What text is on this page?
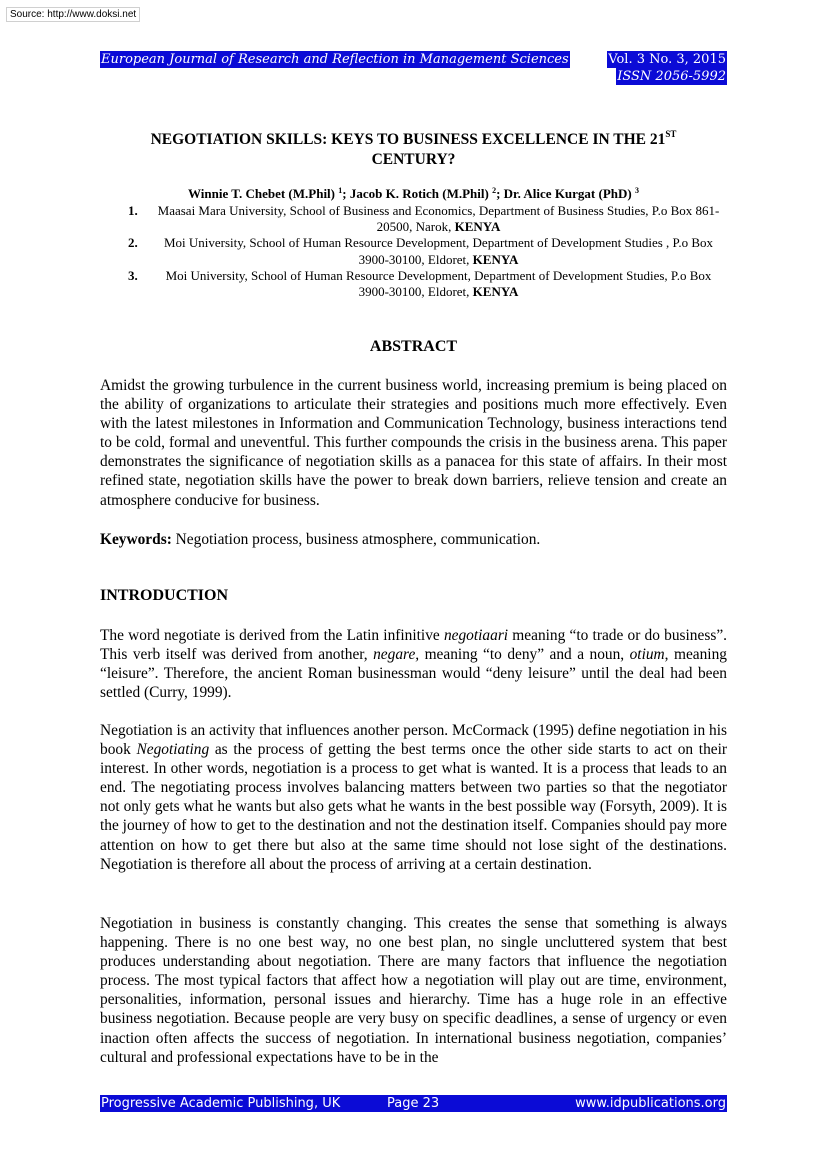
Source: http://www.doksi.net
European Journal of Research and Reflection in Management Sciences	Vol. 3 No. 3, 2015
ISSN 2056-5992
NEGOTIATION SKILLS: KEYS TO BUSINESS EXCELLENCE IN THE 21ST
CENTURY?
Winnie T. Chebet (M.Phil) $^1$; Jacob K. Rotich (M.Phil) $^2$; Dr. Alice Kurgat (PhD) $^3$
1. Maasai Mara University, School of Business and Economics, Department of Business Studies, P.o Box 861-20500, Narok, KENYA
2. Moi University, School of Human Resource Development, Department of Development Studies , P.o Box 3900-30100, Eldoret, KENYA
3. Moi University, School of Human Resource Development, Department of Development Studies, P.o Box 3900-30100, Eldoret, KENYA
ABSTRACT
Amidst the growing turbulence in the current business world, increasing premium is being placed on the ability of organizations to articulate their strategies and positions much more effectively. Even with the latest milestones in Information and Communication Technology, business interactions tend to be cold, formal and uneventful. This further compounds the crisis in the business arena. This paper demonstrates the significance of negotiation skills as a panacea for this state of affairs. In their most refined state, negotiation skills have the power to break down barriers, relieve tension and create an atmosphere conducive for business.
Keywords: Negotiation process, business atmosphere, communication.
INTRODUCTION
The word negotiate is derived from the Latin infinitive negotiaari meaning “to trade or do business”. This verb itself was derived from another, negare, meaning “to deny” and a noun, otium, meaning “leisure”. Therefore, the ancient Roman businessman would “deny leisure” until the deal had been settled (Curry, 1999).
Negotiation is an activity that influences another person. McCormack (1995) define negotiation in his book Negotiating as the process of getting the best terms once the other side starts to act on their interest. In other words, negotiation is a process to get what is wanted. It is a process that leads to an end. The negotiating process involves balancing matters between two parties so that the negotiator not only gets what he wants but also gets what he wants in the best possible way (Forsyth, 2009). It is the journey of how to get to the destination and not the destination itself. Companies should pay more attention on how to get there but also at the same time should not lose sight of the destinations. Negotiation is therefore all about the process of arriving at a certain destination.
Negotiation in business is constantly changing. This creates the sense that something is always happening. There is no one best way, no one best plan, no single uncluttered system that best produces understanding about negotiation. There are many factors that influence the negotiation process. The most typical factors that affect how a negotiation will play out are time, environment, personalities, information, personal issues and hierarchy. Time has a huge role in an effective business negotiation. Because people are very busy on specific deadlines, a sense of urgency or even inaction often affects the success of negotiation. In international business negotiation, companies’ cultural and professional expectations have to be in the
Progressive Academic Publishing, UK	Page 23	www.idpublications.org
